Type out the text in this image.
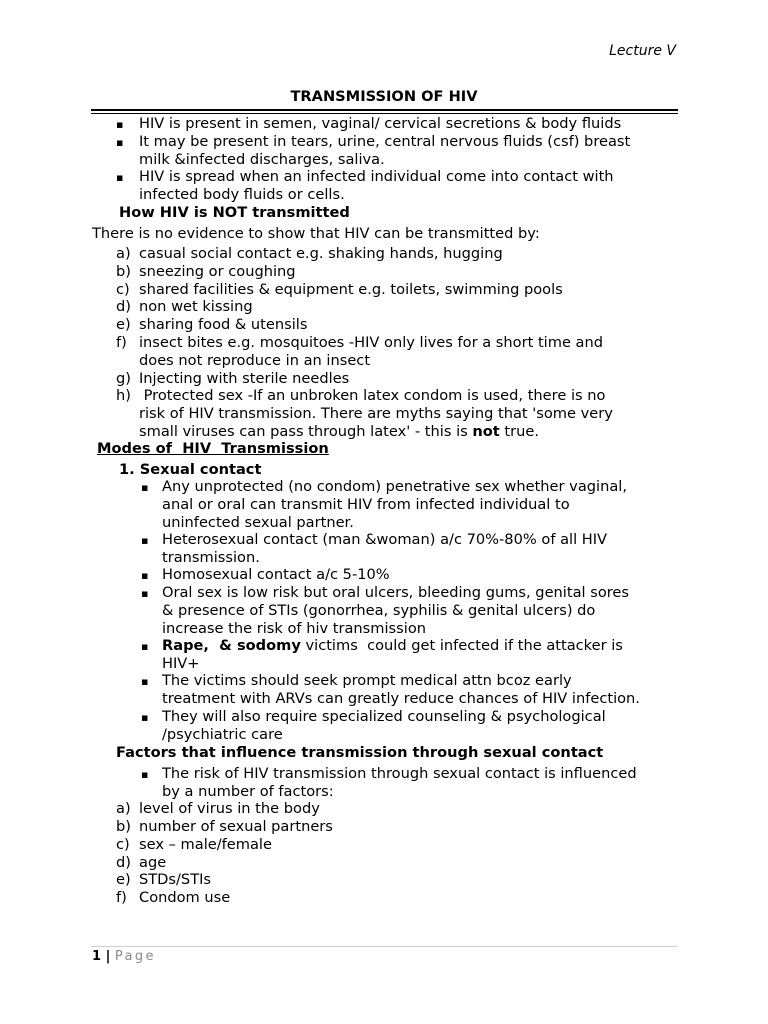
Lecture V
TRANSMISSION OF HIV
▪ HIV is present in semen, vaginal/ cervical secretions & body fluids
▪ It may be present in tears, urine, central nervous fluids (csf) breast
milk &infected discharges, saliva.
▪ HIV is spread when an infected individual come into contact with
infected body fluids or cells.
How HIV is NOT transmitted
There is no evidence to show that HIV can be transmitted by:
a) casual social contact e.g. shaking hands, hugging
b) sneezing or coughing
c) shared facilities & equipment e.g. toilets, swimming pools
d) non wet kissing
e) sharing food & utensils
f) insect bites e.g. mosquitoes -HIV only lives for a short time and
does not reproduce in an insect
g) Injecting with sterile needles
h) Protected sex -If an unbroken latex condom is used, there is no
risk of HIV transmission. There are myths saying that 'some very
small viruses can pass through latex' - this is not true.
Modes of  HIV  Transmission
1. Sexual contact
▪ Any unprotected (no condom) penetrative sex whether vaginal,
anal or oral can transmit HIV from infected individual to
uninfected sexual partner.
▪ Heterosexual contact (man &woman) a/c 70%-80% of all HIV
transmission.
▪ Homosexual contact a/c 5-10%
▪ Oral sex is low risk but oral ulcers, bleeding gums, genital sores
& presence of STIs (gonorrhea, syphilis & genital ulcers) do
increase the risk of hiv transmission
▪ Rape,  & sodomy victims  could get infected if the attacker is
HIV+
▪ The victims should seek prompt medical attn bcoz early
treatment with ARVs can greatly reduce chances of HIV infection.
▪ They will also require specialized counseling & psychological
/psychiatric care
Factors that influence transmission through sexual contact
▪ The risk of HIV transmission through sexual contact is influenced
by a number of factors:
a) level of virus in the body
b) number of sexual partners
c) sex – male/female
d) age
e) STDs/STIs
f) Condom use
1 | Page
